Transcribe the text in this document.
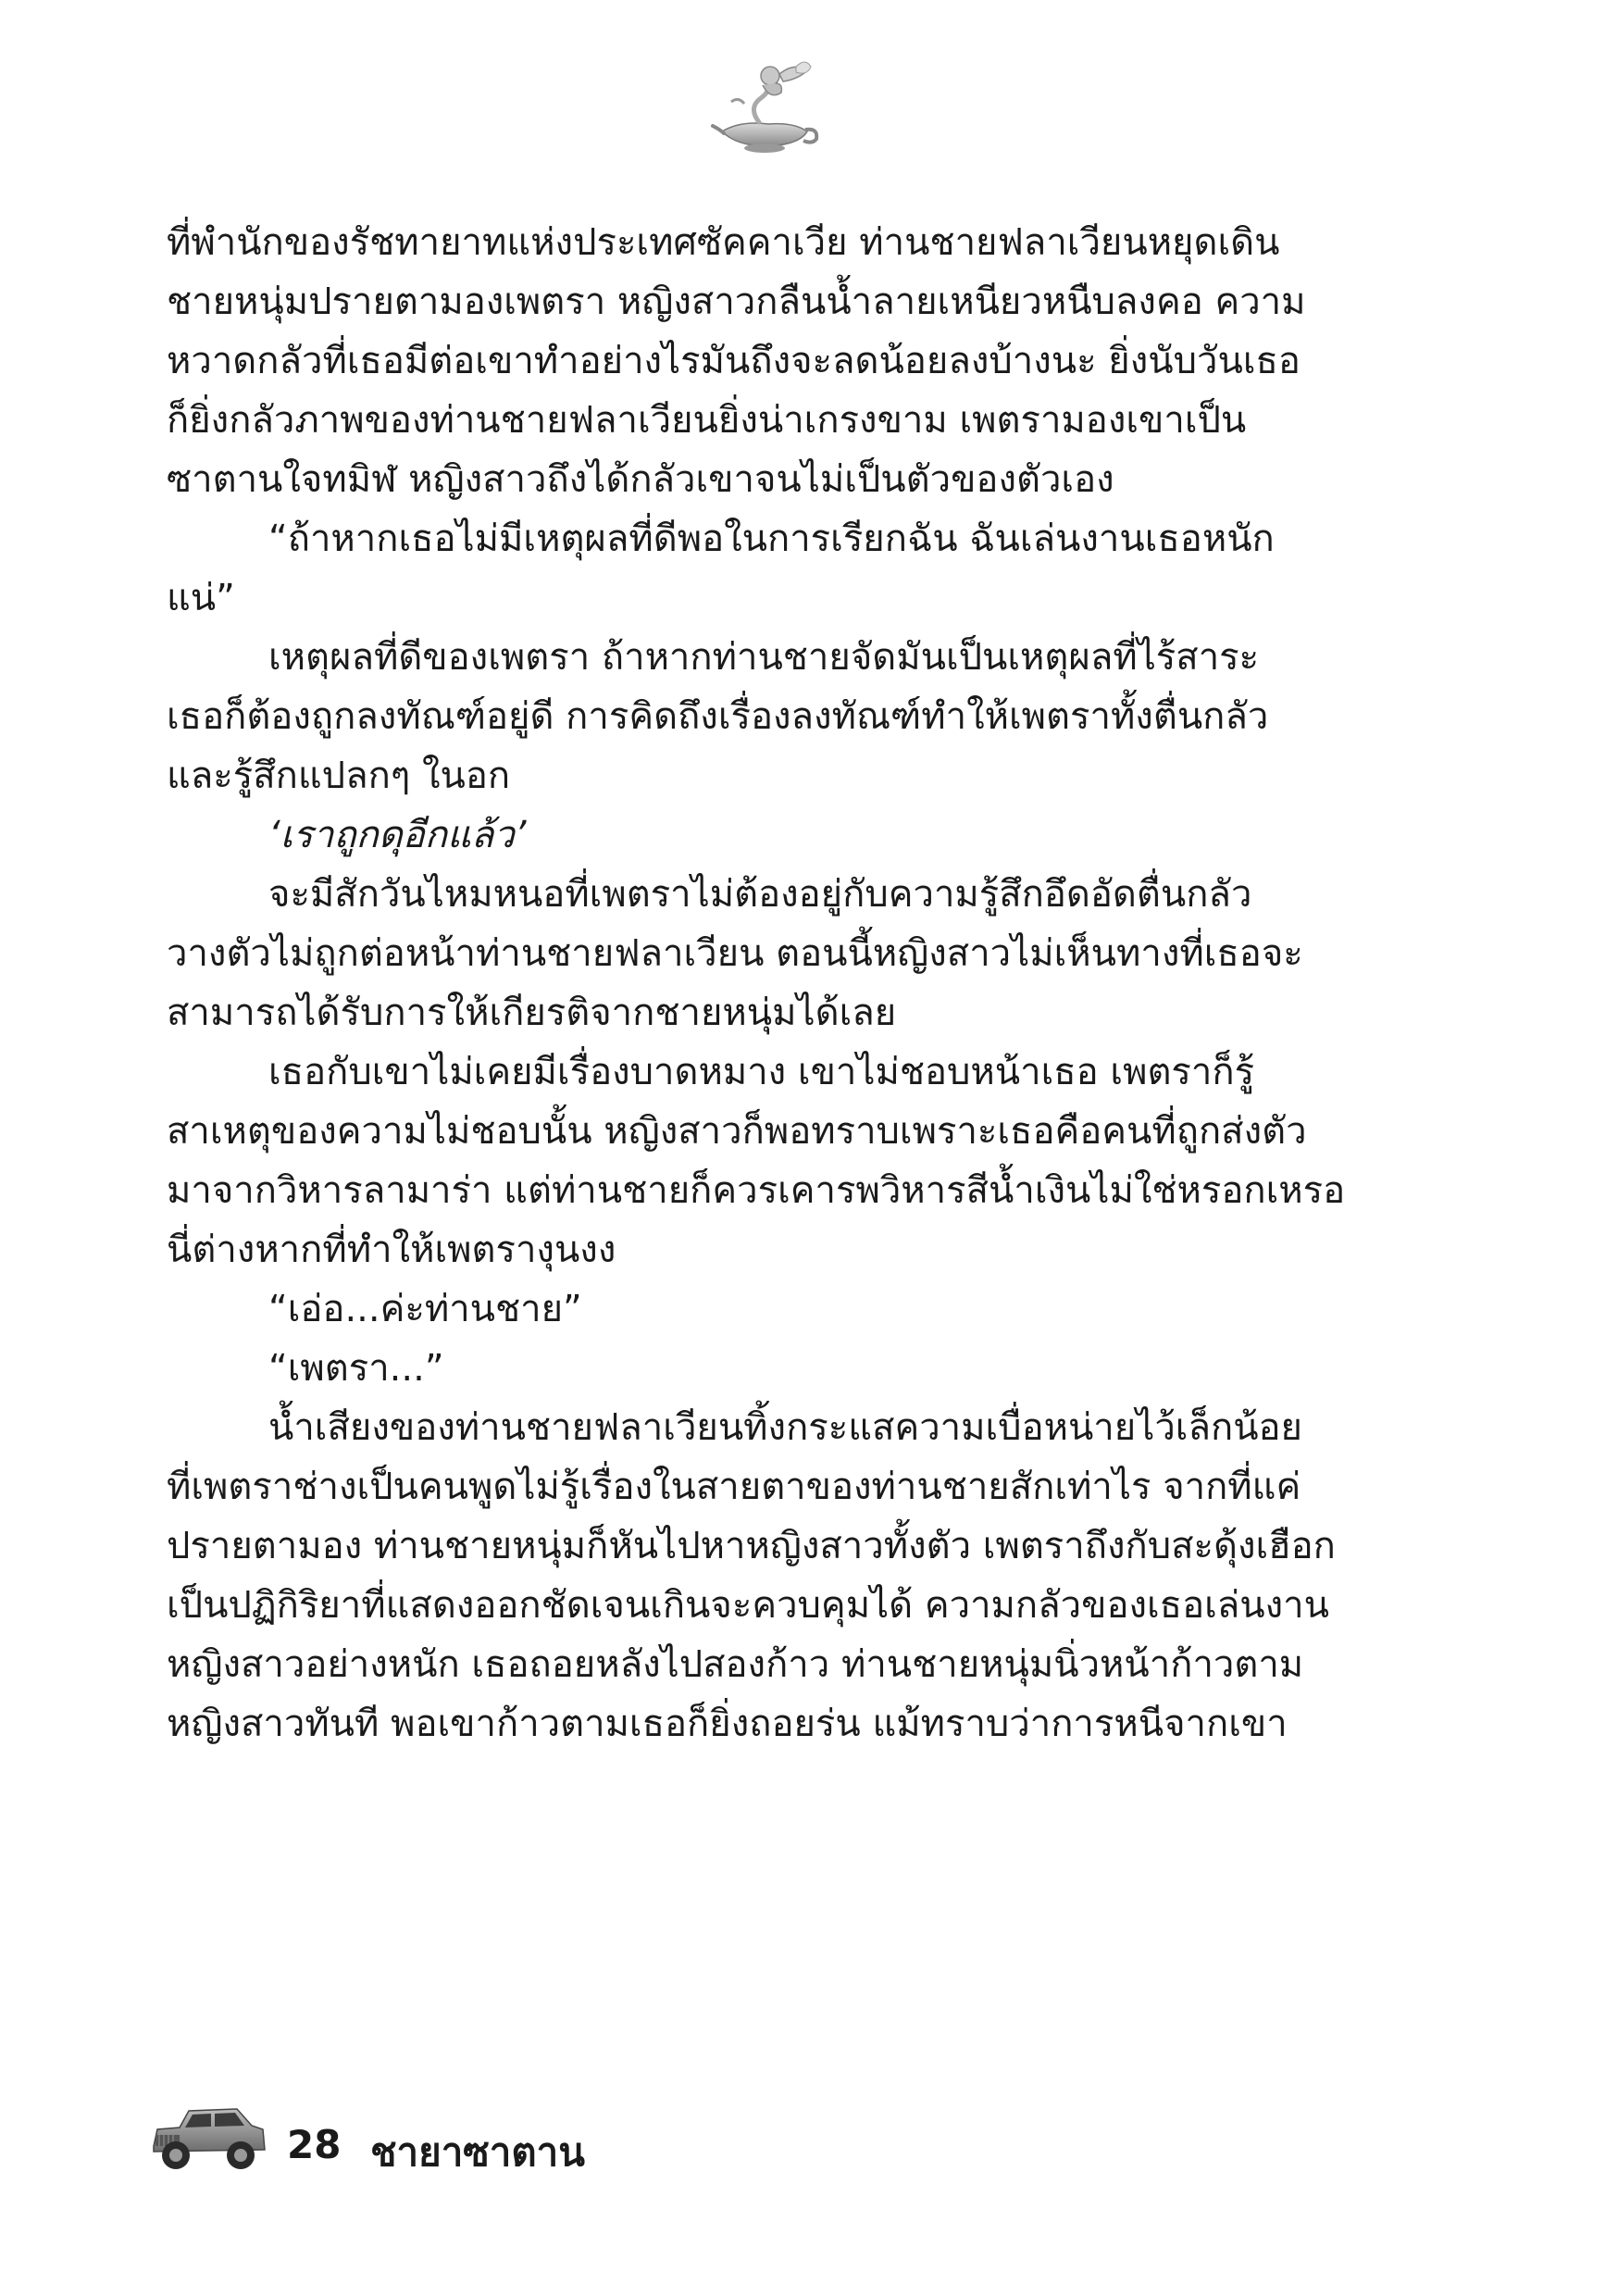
ที่พำนักของรัชทายาทแห่งประเทศซัคคาเวีย ท่านชายฟลาเวียนหยุดเดิน
ชายหนุ่มปรายตามองเพตรา หญิงสาวกลืนน้ำลายเหนียวหนืบลงคอ ความ
หวาดกลัวที่เธอมีต่อเขาทำอย่างไรมันถึงจะลดน้อยลงบ้างนะ ยิ่งนับวันเธอ
ก็ยิ่งกลัวภาพของท่านชายฟลาเวียนยิ่งน่าเกรงขาม เพตรามองเขาเป็น
ซาตานใจทมิฬ หญิงสาวถึงได้กลัวเขาจนไม่เป็นตัวของตัวเอง
“ถ้าหากเธอไม่มีเหตุผลที่ดีพอในการเรียกฉัน ฉันเล่นงานเธอหนัก
แน่”
เหตุผลที่ดีของเพตรา ถ้าหากท่านชายจัดมันเป็นเหตุผลที่ไร้สาระ
เธอก็ต้องถูกลงทัณฑ์อยู่ดี การคิดถึงเรื่องลงทัณฑ์ทำให้เพตราทั้งตื่นกลัว
และรู้สึกแปลกๆ ในอก
‘เราถูกดุอีกแล้ว’
จะมีสักวันไหมหนอที่เพตราไม่ต้องอยู่กับความรู้สึกอึดอัดตื่นกลัว
วางตัวไม่ถูกต่อหน้าท่านชายฟลาเวียน ตอนนี้หญิงสาวไม่เห็นทางที่เธอจะ
สามารถได้รับการให้เกียรติจากชายหนุ่มได้เลย
เธอกับเขาไม่เคยมีเรื่องบาดหมาง เขาไม่ชอบหน้าเธอ เพตราก็รู้
สาเหตุของความไม่ชอบนั้น หญิงสาวก็พอทราบเพราะเธอคือคนที่ถูกส่งตัว
มาจากวิหารลามาร่า แต่ท่านชายก็ควรเคารพวิหารสีน้ำเงินไม่ใช่หรอกเหรอ
นี่ต่างหากที่ทำให้เพตรางุนงง
“เอ่อ...ค่ะท่านชาย”
“เพตรา...”
น้ำเสียงของท่านชายฟลาเวียนทิ้งกระแสความเบื่อหน่ายไว้เล็กน้อย
ที่เพตราช่างเป็นคนพูดไม่รู้เรื่องในสายตาของท่านชายสักเท่าไร จากที่แค่
ปรายตามอง ท่านชายหนุ่มก็หันไปหาหญิงสาวทั้งตัว เพตราถึงกับสะดุ้งเฮือก
เป็นปฏิกิริยาที่แสดงออกชัดเจนเกินจะควบคุมได้ ความกลัวของเธอเล่นงาน
หญิงสาวอย่างหนัก เธอถอยหลังไปสองก้าว ท่านชายหนุ่มนิ่วหน้าก้าวตาม
หญิงสาวทันที พอเขาก้าวตามเธอก็ยิ่งถอยร่น แม้ทราบว่าการหนีจากเขา
28 ชายาซาตาน
